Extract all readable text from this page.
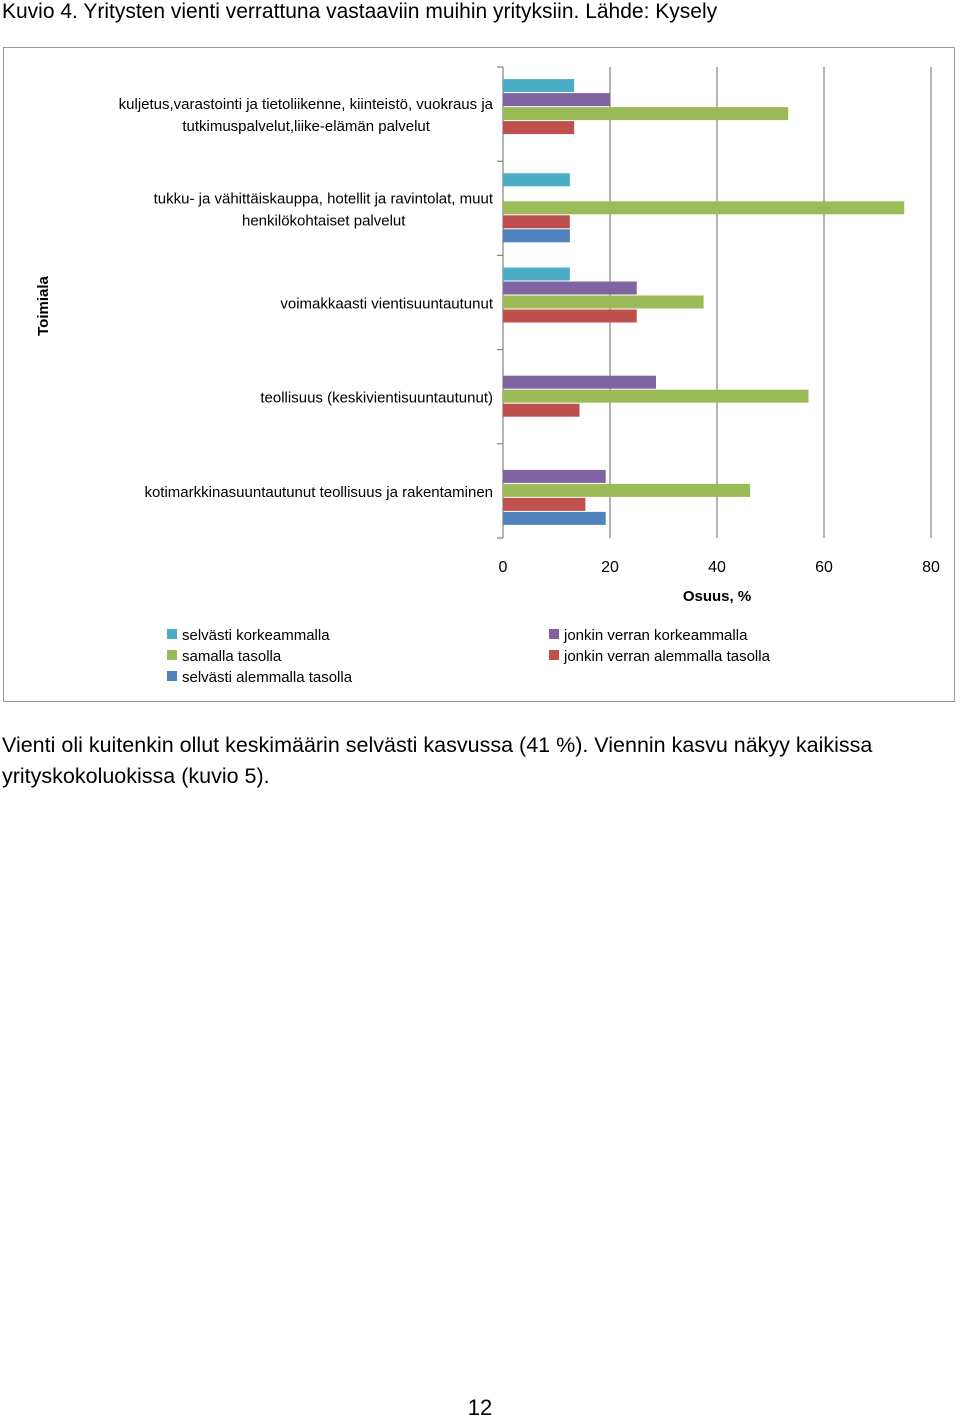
Kuvio 4. Yritysten vienti verrattuna vastaaviin muihin yrityksiin. Lähde: Kysely
kuljetus,varastointi ja tietoliikenne, kiinteistö, vuokraus ja
tutkimuspalvelut,liike-elämän palvelut
tukku- ja vähittäiskauppa, hotellit ja ravintolat, muut
henkilökohtaiset palvelut
voimakkaasti vientisuuntautunut
teollisuus (keskivientisuuntautunut)
kotimarkkinasuuntautunut teollisuus ja rakentaminen
0	20	40	60	80
Osuus, %
Toimiala
selvästi korkeammalla	jonkin verran korkeammalla
samalla tasolla	jonkin verran alemmalla tasolla
selvästi alemmalla tasolla
Vienti oli kuitenkin ollut keskimäärin selvästi kasvussa (41 %). Viennin kasvu näkyy kaikissa yrityskokoluokissa (kuvio 5).
12
